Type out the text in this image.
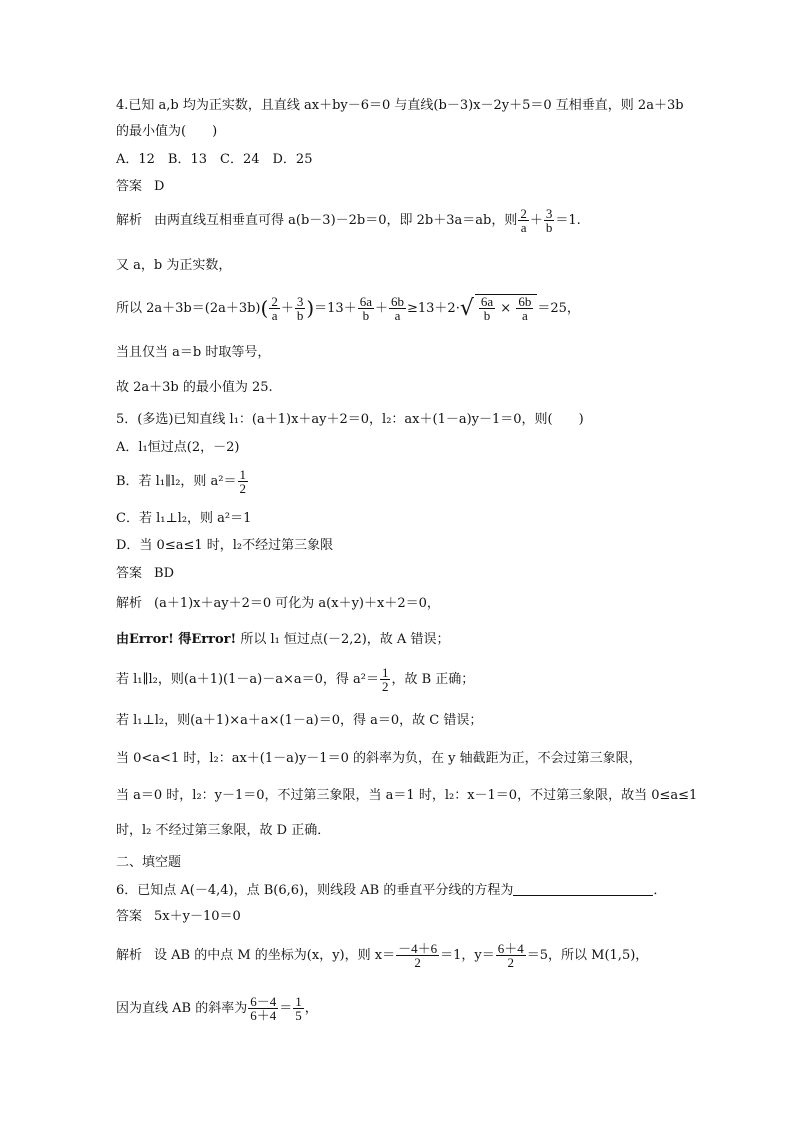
4.已知 a,b 均为正实数，且直线 ax＋by－6＝0 与直线(b－3)x－2y＋5＝0 互相垂直，则 2a＋3b
的最小值为(　　)
A．12　B．13　C．24　D．25
答案 D
解析 由两直线互相垂直可得 a(b－3)－2b＝0，即 2b＋3a＝ab，则 $\frac{2}{a} + \frac{3}{b} =1$.
又 a，b 为正实数，
所以 $2a+3b=(2a+3b)( \frac{2}{a} + \frac{3}{b} )=13+ \frac{6a}{b} + \frac{6b}{a} \ge 13+2\cdot√ \frac{6a}{b} \times \frac{6b}{a} =25$，
当且仅当 a＝b 时取等号，
故 2a＋3b 的最小值为 25.
5．(多选)已知直线 l₁：(a＋1)x＋ay＋2＝0，l₂：ax＋(1－a)y－1＝0，则(　　)
A．l₁恒过点(2，－2)
B．若 l₁∥l₂，则 $a^2= \frac{1}{2}$
C．若 l₁⊥l₂，则 a²＝1
D．当 0≤a≤1 时，l₂不经过第三象限
答案 BD
解析 (a＋1)x＋ay＋2＝0 可化为 a(x＋y)＋x＋2＝0，
由Error! 得Error! 所以 l₁ 恒过点(－2,2)，故 A 错误；
若 l₁∥l₂，则(a＋1)(1－a)－a×a＝0，得 $a^2= \frac{1}{2}$ ，故 B 正确；
若 l₁⊥l₂，则(a＋1)×a＋a×(1－a)＝0，得 a＝0，故 C 错误；
当 0<a<1 时，l₂：ax＋(1－a)y－1＝0 的斜率为负，在 y 轴截距为正，不会过第三象限，
当 a＝0 时，l₂：y－1＝0，不过第三象限，当 a＝1 时，l₂：x－1＝0，不过第三象限，故当 0≤a≤1
时，l₂ 不经过第三象限，故 D 正确．
二、填空题
6．已知点 A(－4,4)，点 B(6,6)，则线段 AB 的垂直平分线的方程为	．
答案 5x＋y－10＝0
解析 设 AB 的中点 M 的坐标为(x，y)，则 $x= \frac{-4+6}{2} =1$，$y= \frac{6+4}{2} =5$，所以 M(1,5)，
因为直线 AB 的斜率为 $\frac{6-4}{6+4} = \frac{1}{5}$ ，
